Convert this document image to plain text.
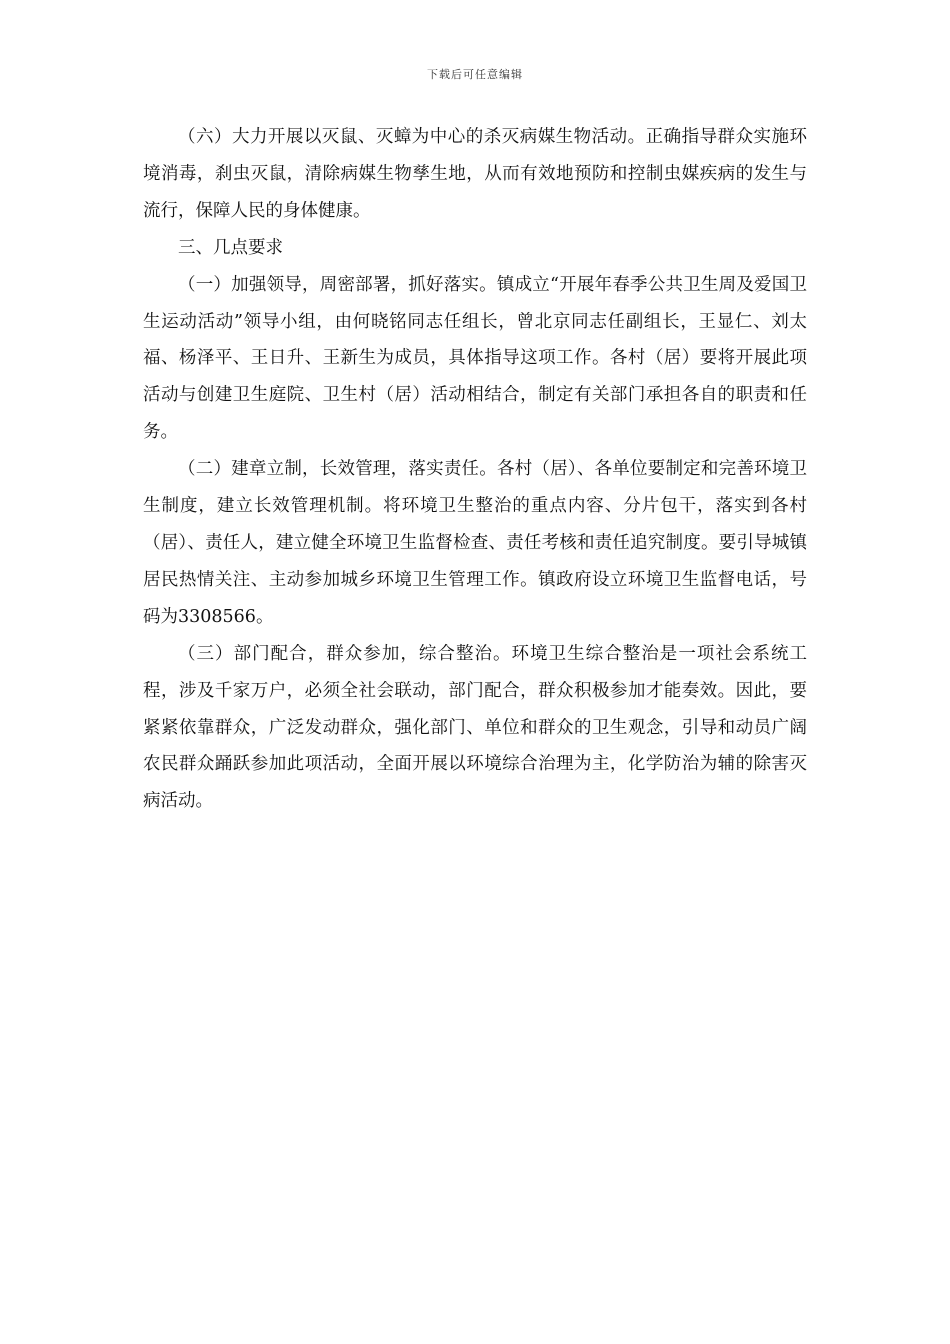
下载后可任意编辑

（六）大力开展以灭鼠、灭蟑为中心的杀灭病媒生物活动。正确指导群众实施环境消毒，刹虫灭鼠，清除病媒生物孳生地，从而有效地预防和控制虫媒疾病的发生与流行，保障人民的身体健康。

三、几点要求

（一）加强领导，周密部署，抓好落实。镇成立“开展年春季公共卫生周及爱国卫生运动活动”领导小组，由何晓铭同志任组长，曾北京同志任副组长，王显仁、刘太福、杨泽平、王日升、王新生为成员，具体指导这项工作。各村（居）要将开展此项活动与创建卫生庭院、卫生村（居）活动相结合，制定有关部门承担各自的职责和任务。

（二）建章立制，长效管理，落实责任。各村（居）、各单位要制定和完善环境卫生制度，建立长效管理机制。将环境卫生整治的重点内容、分片包干，落实到各村（居）、责任人，建立健全环境卫生监督检查、责任考核和责任追究制度。要引导城镇居民热情关注、主动参加城乡环境卫生管理工作。镇政府设立环境卫生监督电话，号码为3308566。

（三）部门配合，群众参加，综合整治。环境卫生综合整治是一项社会系统工程，涉及千家万户，必须全社会联动，部门配合，群众积极参加才能奏效。因此，要紧紧依靠群众，广泛发动群众，强化部门、单位和群众的卫生观念，引导和动员广阔农民群众踊跃参加此项活动，全面开展以环境综合治理为主，化学防治为辅的除害灭病活动。
